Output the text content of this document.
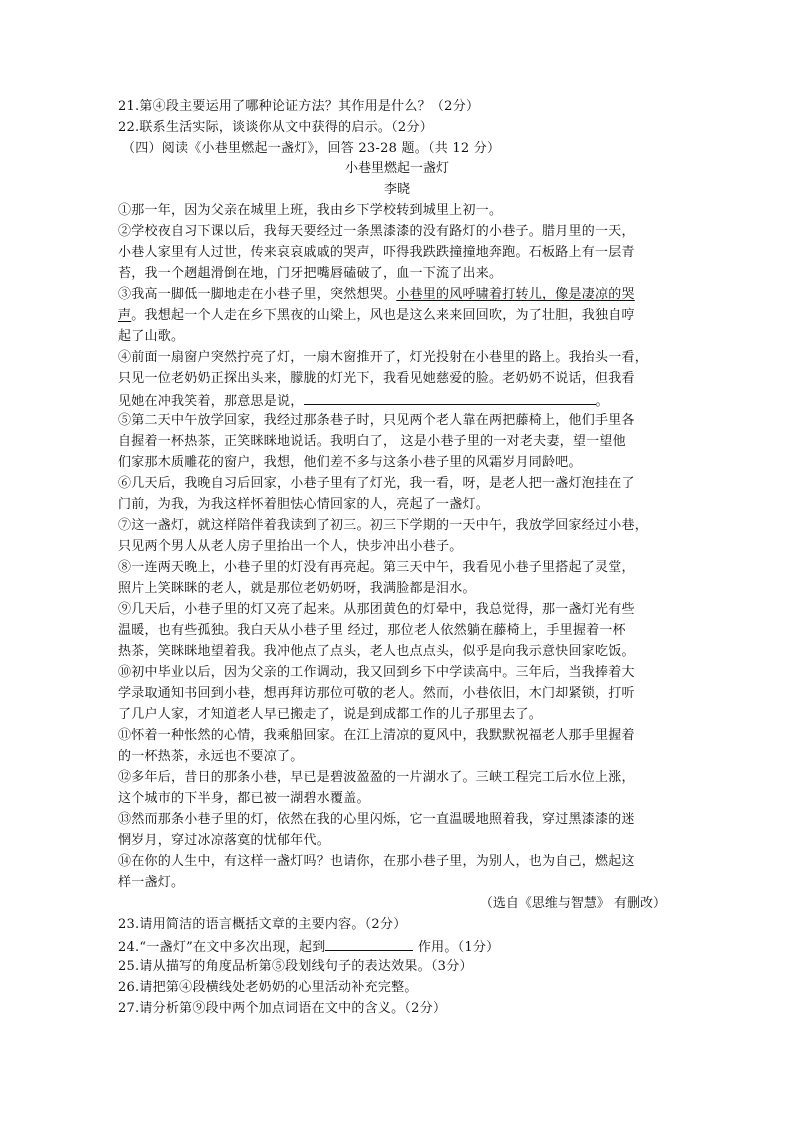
21.第④段主要运用了哪种论证方法？其作用是什么？（2分）
22.联系生活实际，谈谈你从文中获得的启示。（2分）
（四）阅读《小巷里燃起一盏灯》，回答 23-28 题。（共 12 分）
小巷里燃起一盏灯
李晓
①那一年，因为父亲在城里上班，我由乡下学校转到城里上初一。
②学校夜自习下课以后，我每天要经过一条黑漆漆的没有路灯的小巷子。腊月里的一天，
小巷人家里有人过世，传来哀哀戚戚的哭声，吓得我跌跌撞撞地奔跑。石板路上有一层青
苔，我一个趔趄滑倒在地，门牙把嘴唇磕破了，血一下流了出来。
③我高一脚低一脚地走在小巷子里，突然想哭。小巷里的风呼啸着打转儿，像是凄凉的哭
声。我想起一个人走在乡下黑夜的山梁上，风也是这么来来回回吹，为了壮胆，我独自哼
起了山歌。
④前面一扇窗户突然拧亮了灯，一扇木窗推开了，灯光投射在小巷里的路上。我抬头一看，
只见一位老奶奶正探出头来，朦胧的灯光下，我看见她慈爱的脸。老奶奶不说话，但我看
见她在冲我笑着，那意思是说，	。
⑤第二天中午放学回家，我经过那条巷子时，只见两个老人靠在两把藤椅上，他们手里各
自握着一杯热茶，正笑眯眯地说话。我明白了， 这是小巷子里的一对老夫妻，望一望他
们家那木质雕花的窗户，我想，他们差不多与这条小巷子里的风霜岁月同龄吧。
⑥几天后，我晚自习后回家，小巷子里有了灯光，我一看，呀，是老人把一盏灯泡挂在了
门前，为我，为我这样怀着胆怯心情回家的人，亮起了一盏灯。
⑦这一盏灯，就这样陪伴着我读到了初三。初三下学期的一天中午，我放学回家经过小巷，
只见两个男人从老人房子里抬出一个人，快步冲出小巷子。
⑧一连两天晚上，小巷子里的灯没有再亮起。第三天中午，我看见小巷子里搭起了灵堂，
照片上笑眯眯的老人，就是那位老奶奶呀，我满脸都是泪水。
⑨几天后，小巷子里的灯又亮了起来。从那团黄色的灯晕中，我总觉得，那一盏灯光有些
温暖，也有些孤独。我白天从小巷子里 经过，那位老人依然躺在藤椅上，手里握着一杯
热茶，笑眯眯地望着我。我冲他点了点头，老人也点点头，似乎是向我示意快回家吃饭。
⑩初中毕业以后，因为父亲的工作调动，我又回到乡下中学读高中。三年后，当我捧着大
学录取通知书回到小巷，想再拜访那位可敬的老人。然而，小巷依旧，木门却紧锁，打听
了几户人家，才知道老人早已搬走了，说是到成都工作的儿子那里去了。
⑪怀着一种怅然的心情，我乘船回家。在江上清凉的夏风中，我默默祝福老人那手里握着
的一杯热茶，永远也不要凉了。
⑫多年后，昔日的那条小巷，早已是碧波盈盈的一片湖水了。三峡工程完工后水位上涨，
这个城市的下半身，都已被一湖碧水覆盖。
⑬然而那条小巷子里的灯，依然在我的心里闪烁，它一直温暖地照着我，穿过黑漆漆的迷
惘岁月，穿过冰凉落寞的忧郁年代。
⑭在你的人生中，有这样一盏灯吗？也请你，在那小巷子里，为别人，也为自己，燃起这
样一盏灯。
（选自《思维与智慧》 有删改）
23.请用简洁的语言概括文章的主要内容。（2分）
24.“一盏灯”在文中多次出现，起到	作用。（1分）
25.请从描写的角度品析第⑤段划线句子的表达效果。（3分）
26.请把第④段横线处老奶奶的心里活动补充完整。
27.请分析第⑨段中两个加点词语在文中的含义。（2分）
